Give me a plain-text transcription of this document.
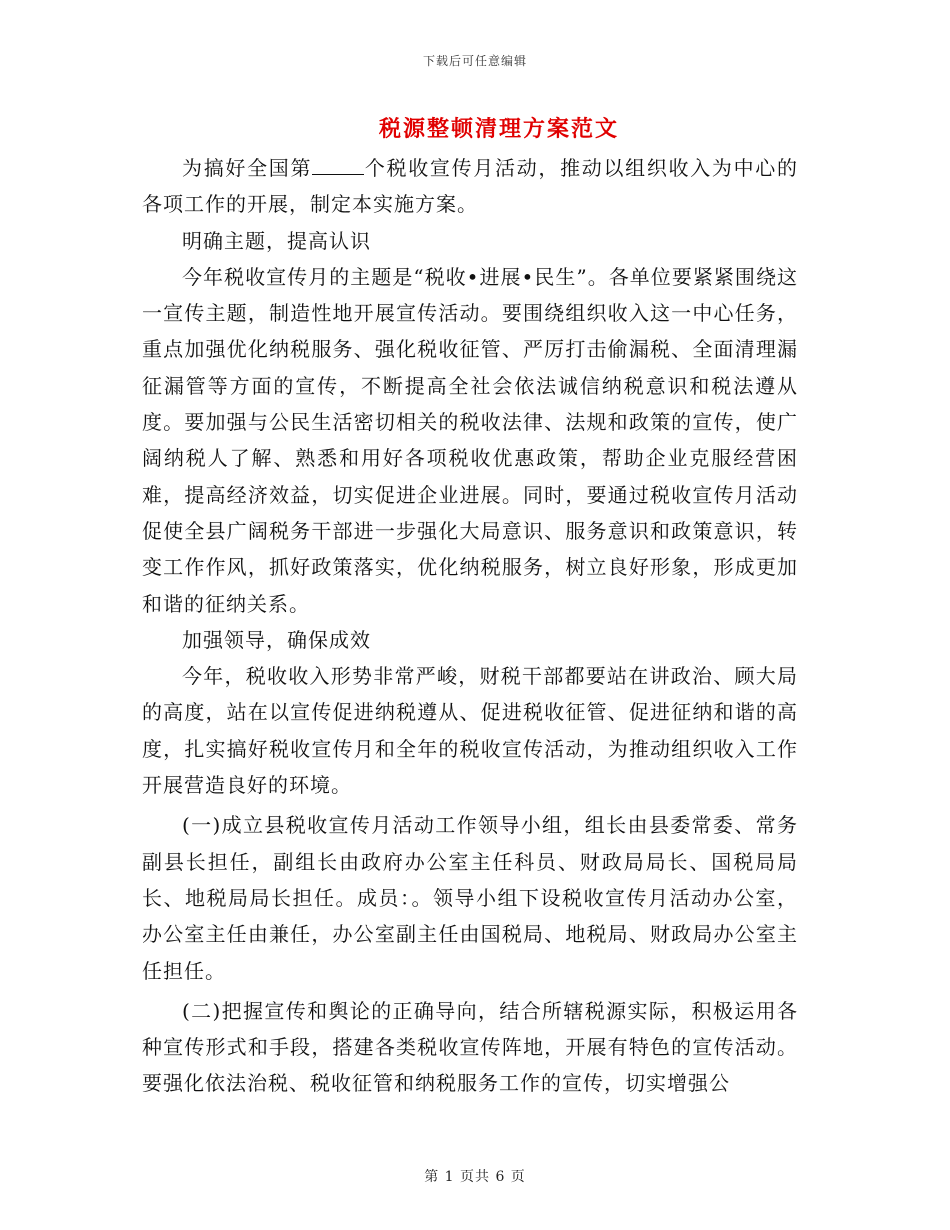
下载后可任意编辑
税源整顿清理方案范文

为搞好全国第	个税收宣传月活动，推动以组织收入为中心的各项工作的开展，制定本实施方案。

明确主题，提高认识

今年税收宣传月的主题是“税收•进展•民生”。各单位要紧紧围绕这一宣传主题，制造性地开展宣传活动。要围绕组织收入这一中心任务，重点加强优化纳税服务、强化税收征管、严厉打击偷漏税、全面清理漏征漏管等方面的宣传，不断提高全社会依法诚信纳税意识和税法遵从度。要加强与公民生活密切相关的税收法律、法规和政策的宣传，使广阔纳税人了解、熟悉和用好各项税收优惠政策，帮助企业克服经营困难，提高经济效益，切实促进企业进展。同时，要通过税收宣传月活动促使全县广阔税务干部进一步强化大局意识、服务意识和政策意识，转变工作作风，抓好政策落实，优化纳税服务，树立良好形象，形成更加和谐的征纳关系。

加强领导，确保成效

今年，税收收入形势非常严峻，财税干部都要站在讲政治、顾大局的高度，站在以宣传促进纳税遵从、促进税收征管、促进征纳和谐的高度，扎实搞好税收宣传月和全年的税收宣传活动，为推动组织收入工作开展营造良好的环境。

(一)成立县税收宣传月活动工作领导小组，组长由县委常委、常务副县长担任，副组长由政府办公室主任科员、财政局局长、国税局局长、地税局局长担任。成员：。领导小组下设税收宣传月活动办公室，办公室主任由兼任，办公室副主任由国税局、地税局、财政局办公室主任担任。

(二)把握宣传和舆论的正确导向，结合所辖税源实际，积极运用各种宣传形式和手段，搭建各类税收宣传阵地，开展有特色的宣传活动。要强化依法治税、税收征管和纳税服务工作的宣传，切实增强公

第 1 页共 6 页
